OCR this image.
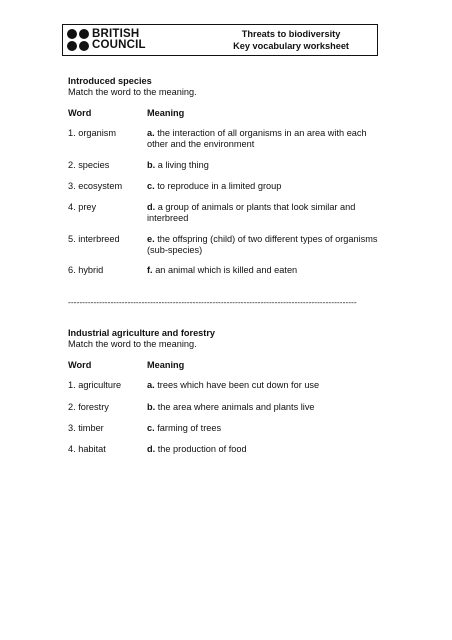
BRITISH
COUNCIL
Threats to biodiversity
Key vocabulary worksheet
Introduced species
Match the word to the meaning.
Word	Meaning
1. organism	a. the interaction of all organisms in an area with each other and the environment
2. species	b. a living thing
3. ecosystem	c. to reproduce in a limited group
4. prey	d. a group of animals or plants that look similar and interbreed
5. interbreed	e. the offspring (child) of two different types of organisms (sub-species)
6. hybrid	f. an animal which is killed and eaten
------------------------------------------------------------------------------------------------------
Industrial agriculture and forestry
Match the word to the meaning.
Word	Meaning
1. agriculture	a. trees which have been cut down for use
2. forestry	b. the area where animals and plants live
3. timber	c. farming of trees
4. habitat	d. the production of food
